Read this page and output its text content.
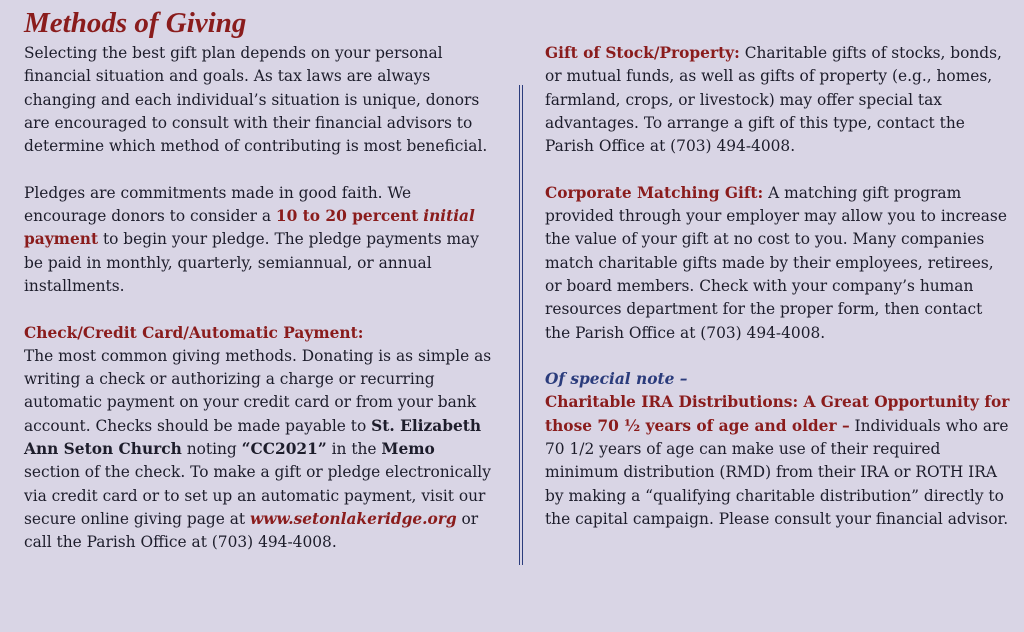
Methods of Giving

Selecting the best gift plan depends on your personal financial situation and goals. As tax laws are always changing and each individual’s situation is unique, donors are encouraged to consult with their financial advisors to determine which method of contributing is most beneficial.

Pledges are commitments made in good faith. We encourage donors to consider a 10 to 20 percent initial payment to begin your pledge. The pledge payments may be paid in monthly, quarterly, semiannual, or annual installments.

Check/Credit Card/Automatic Payment:
The most common giving methods. Donating is as simple as writing a check or authorizing a charge or recurring automatic payment on your credit card or from your bank account. Checks should be made payable to St. Elizabeth Ann Seton Church noting “CC2021” in the Memo section of the check. To make a gift or pledge electronically via credit card or to set up an automatic payment, visit our secure online giving page at www.setonlakeridge.org or call the Parish Office at (703) 494-4008.

Gift of Stock/Property: Charitable gifts of stocks, bonds, or mutual funds, as well as gifts of property (e.g., homes, farmland, crops, or livestock) may offer special tax advantages. To arrange a gift of this type, contact the Parish Office at (703) 494-4008.

Corporate Matching Gift: A matching gift program provided through your employer may allow you to increase the value of your gift at no cost to you. Many companies match charitable gifts made by their employees, retirees, or board members. Check with your company’s human resources department for the proper form, then contact the Parish Office at (703) 494-4008.

Of special note –
Charitable IRA Distributions: A Great Opportunity for those 70 ½ years of age and older – Individuals who are 70 1/2 years of age can make use of their required minimum distribution (RMD) from their IRA or ROTH IRA by making a “qualifying charitable distribution” directly to the capital campaign. Please consult your financial advisor.
